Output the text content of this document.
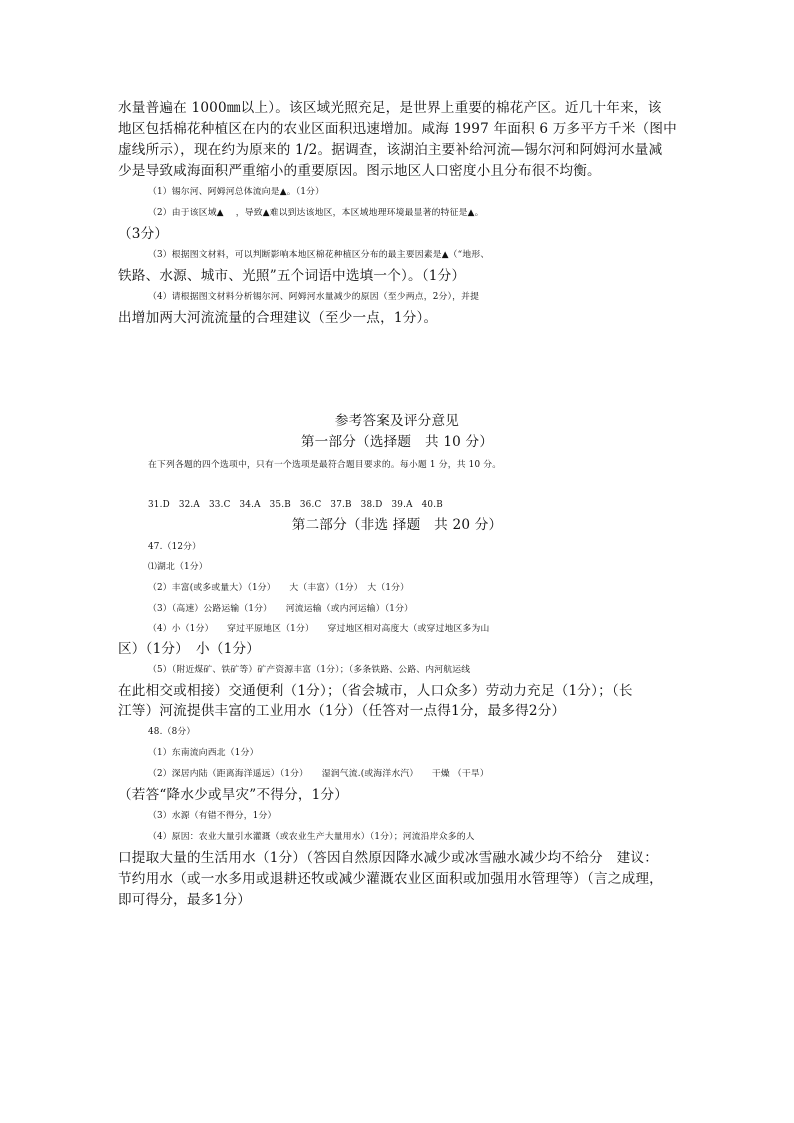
水量普遍在 1000㎜以上）。该区域光照充足，是世界上重要的棉花产区。近几十年来，该
地区包括棉花种植区在内的农业区面积迅速增加。咸海 1997 年面积 6 万多平方千米（图中
虚线所示），现在约为原来的 1/2。据调查，该湖泊主要补给河流—锡尔河和阿姆河水量减
少是导致咸海面积严重缩小的重要原因。图示地区人口密度小且分布很不均衡。
（1）锡尔河、阿姆河总体流向是▲。（1分）
（2）由于该区域▲　 ，导致▲难以到达该地区，本区域地理环境最显著的特征是▲。
（3分）
（3）根据图文材料，可以判断影响本地区棉花种植区分布的最主要因素是▲（“地形、
铁路、水源、城市、光照”五个词语中选填一个）。（1分）
（4）请根据图文材料分析锡尔河、阿姆河水量减少的原因（至少两点，2分），并提
出增加两大河流流量的合理建议（至少一点，1分）。
参考答案及评分意见
第一部分（选择题　共 10 分）
在下列各题的四个选项中，只有一个选项是最符合题目要求的。每小题 1 分，共 10 分。
31.D　32.A　33.C　34.A　35.B　36.C　37.B　38.D　39.A　40.B
第二部分（非选 择题　共 20 分）
47.（12分）
⑴湖北（1分）
（2）丰富(或多或量大）（1分）　　大（丰富）（1分）　大（1分）
（3）（高速）公路运输（1分）　　河流运输（或内河运输）（1分）
（4）小（1分）　　穿过平原地区（1分）　　穿过地区相对高度大（或穿过地区多为山
区）（1分）　小（1分）
（5）（附近煤矿、铁矿等）矿产资源丰富（1分）；（多条铁路、公路、内河航运线
在此相交或相接）交通便利（1分）；（省会城市，人口众多）劳动力充足（1分）；（长
江等）河流提供丰富的工业用水（1分）（任答对一点得1分，最多得2分）
48.（8分）
（1）东南流向西北（1分）
（2）深居内陆（距离海洋遥远）（1分）　　湿润气流.(或海洋水汽）　　干燥 （干旱）
（若答“降水少或旱灾”不得分，1分）
（3）水源（有错不得分，1分）
（4）原因：农业大量引水灌溉（或农业生产大量用水）（1分）；河流沿岸众多的人
口提取大量的生活用水（1分）（答因自然原因降水减少或冰雪融水减少均不给分　建议：
节约用水（或一水多用或退耕还牧或减少灌溉农业区面积或加强用水管理等）（言之成理，
即可得分，最多1分）
